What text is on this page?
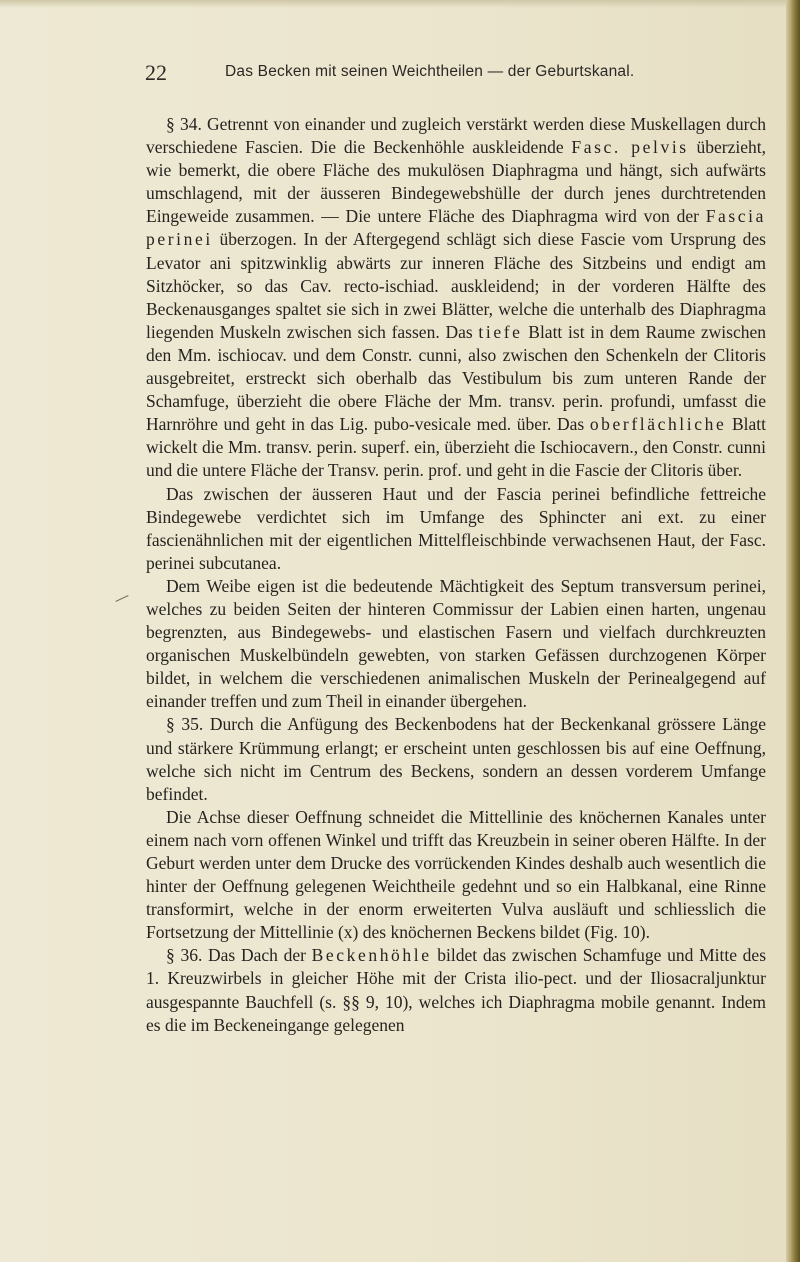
22	Das Becken mit seinen Weichtheilen — der Geburtskanal.

§ 34. Getrennt von einander und zugleich verstärkt werden diese Muskellagen durch verschiedene Fascien. Die die Beckenhöhle auskleidende Fasc. pelvis überzieht, wie bemerkt, die obere Fläche des mukulösen Diaphragma und hängt, sich aufwärts umschlagend, mit der äusseren Bindegewebshülle der durch jenes durchtretenden Eingeweide zusammen. — Die untere Fläche des Diaphragma wird von der Fascia perinei überzogen. In der Aftergegend schlägt sich diese Fascie vom Ursprung des Levator ani spitzwinklig abwärts zur inneren Fläche des Sitzbeins und endigt am Sitzhöcker, so das Cav. recto-ischiad. auskleidend; in der vorderen Hälfte des Beckenausganges spaltet sie sich in zwei Blätter, welche die unterhalb des Diaphragma liegenden Muskeln zwischen sich fassen. Das tiefe Blatt ist in dem Raume zwischen den Mm. ischiocav. und dem Constr. cunni, also zwischen den Schenkeln der Clitoris ausgebreitet, erstreckt sich oberhalb das Vestibulum bis zum unteren Rande der Schamfuge, überzieht die obere Fläche der Mm. transv. perin. profundi, umfasst die Harnröhre und geht in das Lig. pubo-vesicale med. über. Das oberflächliche Blatt wickelt die Mm. transv. perin. superf. ein, überzieht die Ischiocavern., den Constr. cunni und die untere Fläche der Transv. perin. prof. und geht in die Fascie der Clitoris über.

Das zwischen der äusseren Haut und der Fascia perinei befindliche fettreiche Bindegewebe verdichtet sich im Umfange des Sphincter ani ext. zu einer fascienähnlichen mit der eigentlichen Mittelfleischbinde verwachsenen Haut, der Fasc. perinei subcutanea.

Dem Weibe eigen ist die bedeutende Mächtigkeit des Septum transversum perinei, welches zu beiden Seiten der hinteren Commissur der Labien einen harten, ungenau begrenzten, aus Bindegewebs- und elastischen Fasern und vielfach durchkreuzten organischen Muskelbündeln gewebten, von starken Gefässen durchzogenen Körper bildet, in welchem die verschiedenen animalischen Muskeln der Perinealgegend auf einander treffen und zum Theil in einander übergehen.

§ 35. Durch die Anfügung des Beckenbodens hat der Beckenkanal grössere Länge und stärkere Krümmung erlangt; er erscheint unten geschlossen bis auf eine Oeffnung, welche sich nicht im Centrum des Beckens, sondern an dessen vorderem Umfange befindet.

Die Achse dieser Oeffnung schneidet die Mittellinie des knöchernen Kanales unter einem nach vorn offenen Winkel und trifft das Kreuzbein in seiner oberen Hälfte. In der Geburt werden unter dem Drucke des vorrückenden Kindes deshalb auch wesentlich die hinter der Oeffnung gelegenen Weichtheile gedehnt und so ein Halbkanal, eine Rinne transformirt, welche in der enorm erweiterten Vulva ausläuft und schliesslich die Fortsetzung der Mittellinie (x) des knöchernen Beckens bildet (Fig. 10).

§ 36. Das Dach der Beckenhöhle bildet das zwischen Schamfuge und Mitte des 1. Kreuzwirbels in gleicher Höhe mit der Crista ilio-pect. und der Iliosacraljunktur ausgespannte Bauchfell (s. §§ 9, 10), welches ich Diaphragma mobile genannt. Indem es die im Beckeneingange gelegenen
